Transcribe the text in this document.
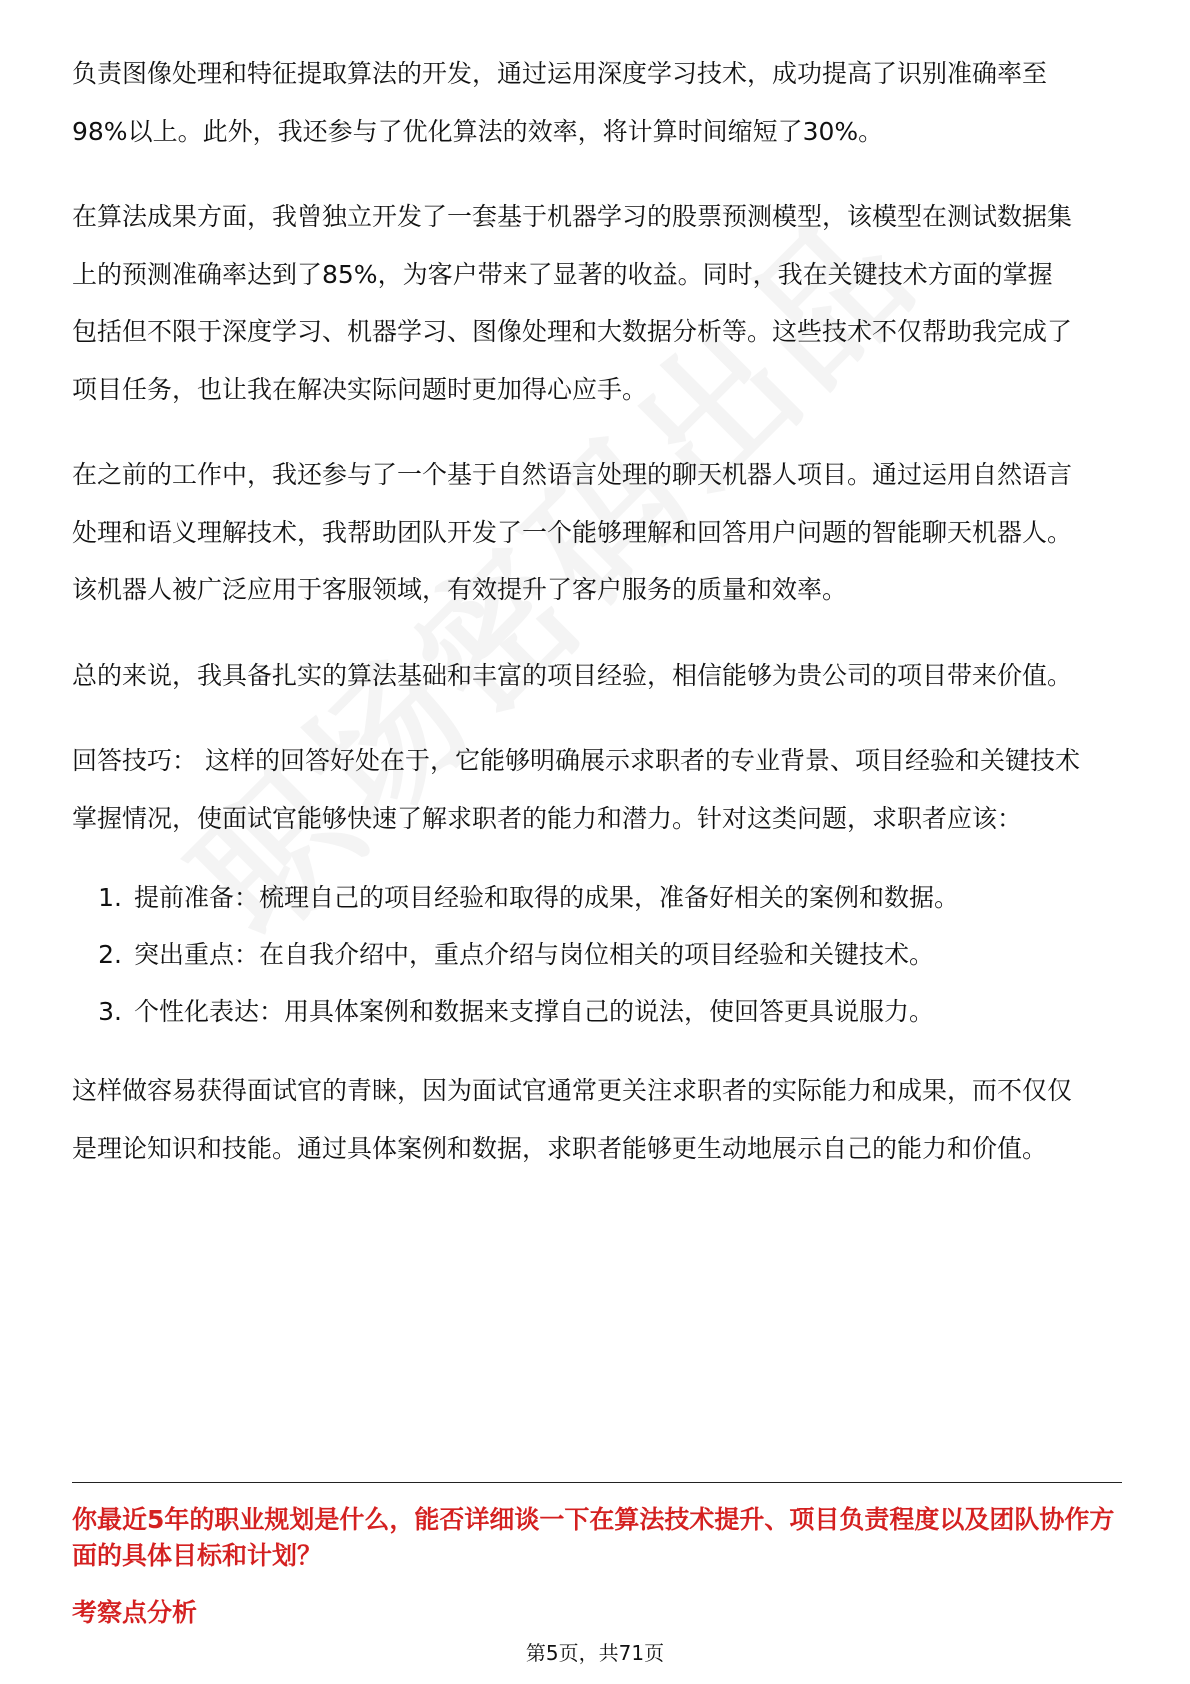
负责图像处理和特征提取算法的开发，通过运用深度学习技术，成功提高了识别准确率至98%以上。此外，我还参与了优化算法的效率，将计算时间缩短了30%。

在算法成果方面，我曾独立开发了一套基于机器学习的股票预测模型，该模型在测试数据集上的预测准确率达到了85%，为客户带来了显著的收益。同时，我在关键技术方面的掌握包括但不限于深度学习、机器学习、图像处理和大数据分析等。这些技术不仅帮助我完成了项目任务，也让我在解决实际问题时更加得心应手。

在之前的工作中，我还参与了一个基于自然语言处理的聊天机器人项目。通过运用自然语言处理和语义理解技术，我帮助团队开发了一个能够理解和回答用户问题的智能聊天机器人。该机器人被广泛应用于客服领域，有效提升了客户服务的质量和效率。

总的来说，我具备扎实的算法基础和丰富的项目经验，相信能够为贵公司的项目带来价值。

回答技巧： 这样的回答好处在于，它能够明确展示求职者的专业背景、项目经验和关键技术掌握情况，使面试官能够快速了解求职者的能力和潜力。针对这类问题，求职者应该：

1. 提前准备：梳理自己的项目经验和取得的成果，准备好相关的案例和数据。
2. 突出重点：在自我介绍中，重点介绍与岗位相关的项目经验和关键技术。
3. 个性化表达：用具体案例和数据来支撑自己的说法，使回答更具说服力。

这样做容易获得面试官的青睐，因为面试官通常更关注求职者的实际能力和成果，而不仅仅是理论知识和技能。通过具体案例和数据，求职者能够更生动地展示自己的能力和价值。

你最近5年的职业规划是什么，能否详细谈一下在算法技术提升、项目负责程度以及团队协作方面的具体目标和计划？
考察点分析
第5页，共71页
